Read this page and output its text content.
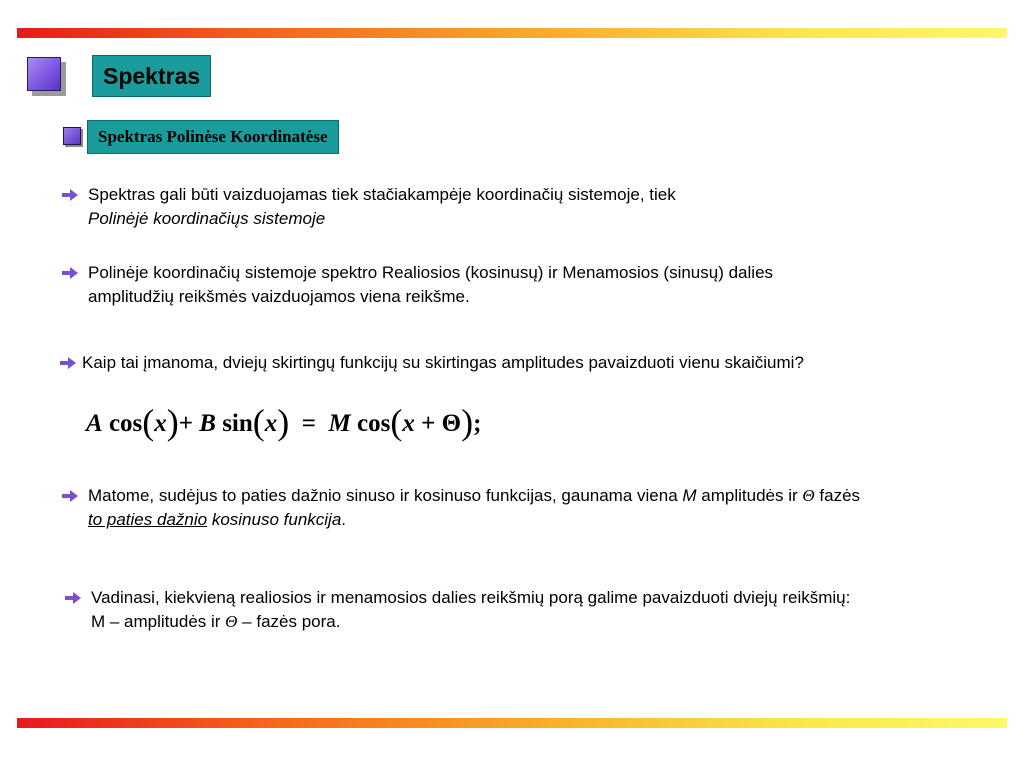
Spektras
Spektras Polinėse Koordinatėse

Spektras gali būti vaizduojamas tiek stačiakampėje koordinačių sistemoje, tiek

Polinėjė koordinačiųs sistemoje

Polinėje koordinačių sistemoje spektro Realiosios (kosinusų) ir Menamosios (sinusų) dalies

amplitudžių reikšmės vaizduojamos viena reikšme.

Kaip tai įmanoma, dviejų skirtingų funkcijų su skirtingas amplitudes pavaizduoti vienu skaičiumi?

A
cos ( x ) +
B
sin ( x )
=
M
cos ( x
+
Θ ) ;

Matome, sudėjus to paties dažnio sinuso ir kosinuso funkcijas, gaunama viena M amplitudės ir Θ fazės

to paties dažnio kosinuso funkcija.

Vadinasi, kiekvieną realiosios ir menamosios dalies reikšmių porą galime pavaizduoti dviejų reikšmių:

M – amplitudės ir Θ – fazės pora.
